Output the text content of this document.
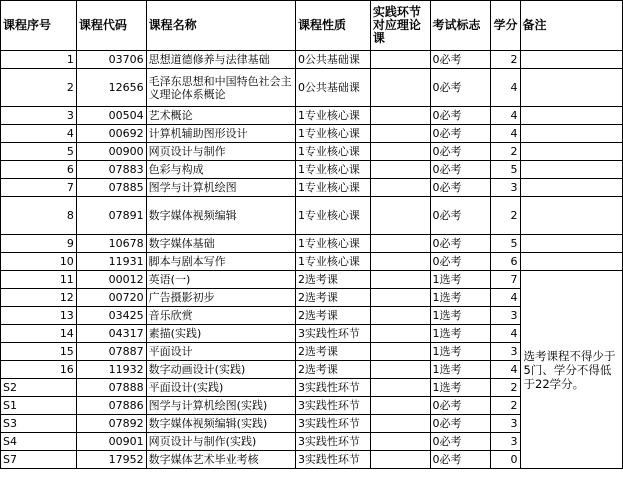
课程序号	课程代码	课程名称	课程性质	实践环节对应理论课	考试标志	学分	备注
1	03706	思想道德修养与法律基础	0公共基础课		0必考	2	
2	12656	毛泽东思想和中国特色社会主义理论体系概论	0公共基础课		0必考	4	
3	00504	艺术概论	1专业核心课		0必考	4	
4	00692	计算机辅助图形设计	1专业核心课		0必考	4	
5	00900	网页设计与制作	1专业核心课		0必考	2	
6	07883	色彩与构成	1专业核心课		0必考	5	
7	07885	图学与计算机绘图	1专业核心课		0必考	3	
8	07891	数字媒体视频编辑	1专业核心课		0必考	2	
9	10678	数字媒体基础	1专业核心课		0必考	5	
10	11931	脚本与剧本写作	1专业核心课		0必考	6	
11	00012	英语(一)	2选考课		1选考	7	选考课程不得少于5门、学分不得低于22学分。
12	00720	广告摄影初步	2选考课		1选考	4	
13	03425	音乐欣赏	2选考课		1选考	3	
14	04317	素描(实践)	3实践性环节		1选考	4	
15	07887	平面设计	2选考课		1选考	3	
16	11932	数字动画设计(实践)	2选考课		1选考	4	
S2	07888	平面设计(实践)	3实践性环节		1选考	2	
S1	07886	图学与计算机绘图(实践)	3实践性环节		0必考	2	
S3	07892	数字媒体视频编辑(实践)	3实践性环节		0必考	3	
S4	00901	网页设计与制作(实践)	3实践性环节		0必考	3	
S7	17952	数字媒体艺术毕业考核	3实践性环节		0必考	0	
